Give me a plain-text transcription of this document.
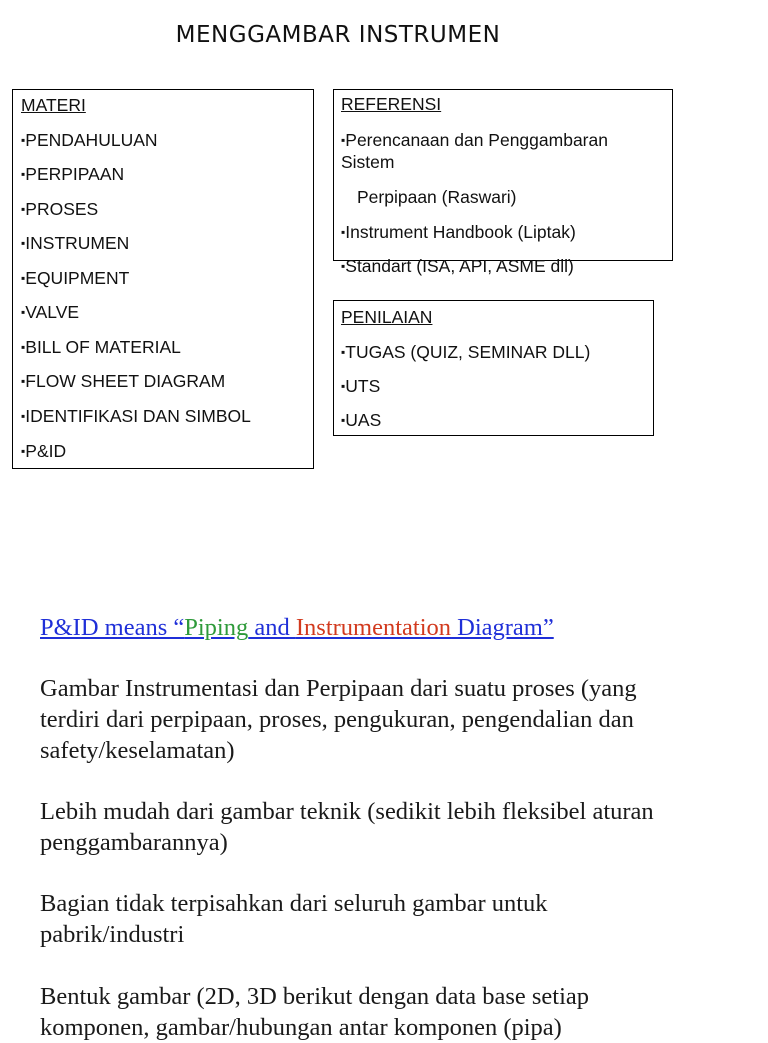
MENGGAMBAR INSTRUMEN
MATERI
▪ PENDAHULUAN
▪ PERPIPAAN
▪ PROSES
▪ INSTRUMEN
▪ EQUIPMENT
▪ VALVE
▪ BILL OF MATERIAL
▪ FLOW SHEET DIAGRAM
▪ IDENTIFIKASI DAN SIMBOL
▪ P&ID
REFERENSI
▪ Perencanaan dan Penggambaran
Sistem
Perpipaan (Raswari)
▪ Instrument Handbook (Liptak)
▪ Standart (ISA, API, ASME dll)
PENILAIAN
▪ TUGAS (QUIZ, SEMINAR DLL)
▪ UTS
▪ UAS
P&ID means “Piping and Instrumentation Diagram”
Gambar Instrumentasi dan Perpipaan dari suatu proses (yang
terdiri dari perpipaan, proses, pengukuran, pengendalian dan
safety/keselamatan)
Lebih mudah dari gambar teknik (sedikit lebih fleksibel aturan
penggambarannya)
Bagian tidak terpisahkan dari seluruh gambar untuk
pabrik/industri
Bentuk gambar (2D, 3D berikut dengan data base setiap
komponen, gambar/hubungan antar komponen (pipa)
